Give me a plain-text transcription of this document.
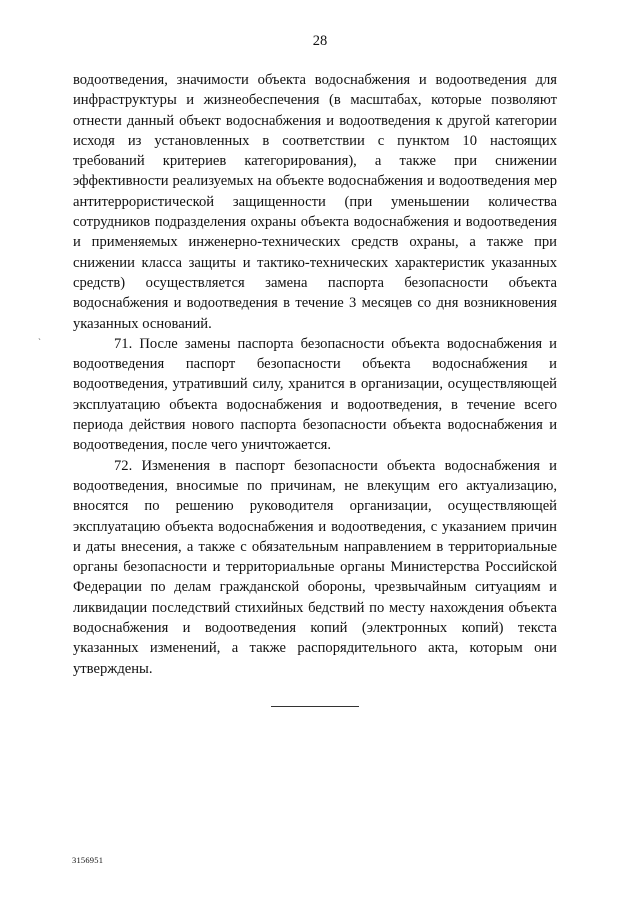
28

водоотведения, значимости объекта водоснабжения и водоотведения для инфраструктуры и жизнеобеспечения (в масштабах, которые позволяют отнести данный объект водоснабжения и водоотведения к другой категории исходя из установленных в соответствии с пунктом 10 настоящих требований критериев категорирования), а также при снижении эффективности реализуемых на объекте водоснабжения и водоотведения мер антитеррористической защищенности (при уменьшении количества сотрудников подразделения охраны объекта водоснабжения и водоотведения и применяемых инженерно-технических средств охраны, а также при снижении класса защиты и тактико-технических характеристик указанных средств) осуществляется замена паспорта безопасности объекта водоснабжения и водоотведения в течение 3 месяцев со дня возникновения указанных оснований.

71. После замены паспорта безопасности объекта водоснабжения и водоотведения паспорт безопасности объекта водоснабжения и водоотведения, утративший силу, хранится в организации, осуществляющей эксплуатацию объекта водоснабжения и водоотведения, в течение всего периода действия нового паспорта безопасности объекта водоснабжения и водоотведения, после чего уничтожается.

72. Изменения в паспорт безопасности объекта водоснабжения и водоотведения, вносимые по причинам, не влекущим его актуализацию, вносятся по решению руководителя организации, осуществляющей эксплуатацию объекта водоснабжения и водоотведения, с указанием причин и даты внесения, а также с обязательным направлением в территориальные органы безопасности и территориальные органы Министерства Российской Федерации по делам гражданской обороны, чрезвычайным ситуациям и ликвидации последствий стихийных бедствий по месту нахождения объекта водоснабжения и водоотведения копий (электронных копий) текста указанных изменений, а также распорядительного акта, которым они утверждены.

ˏ
3156951
